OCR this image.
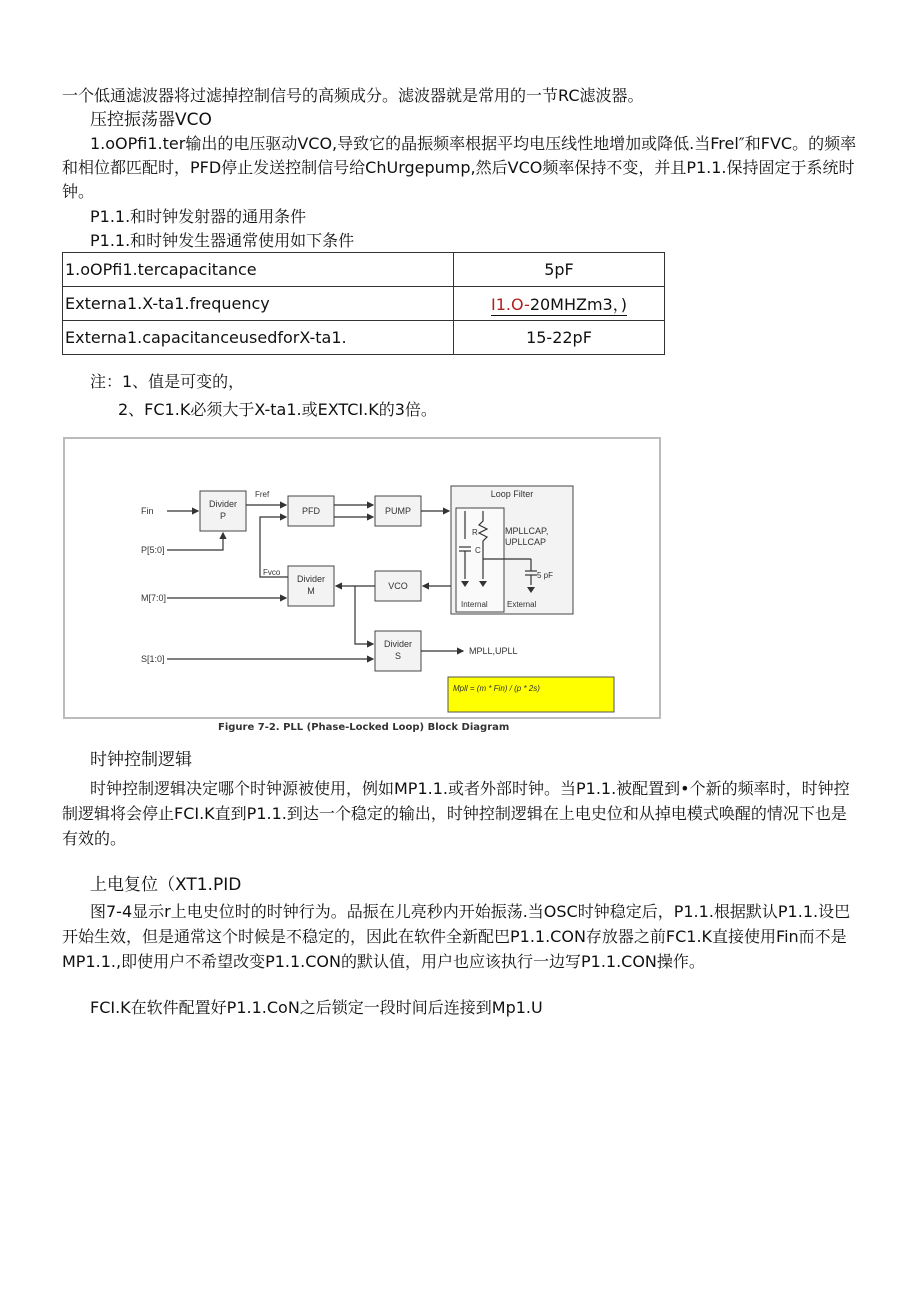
一个低通滤波器将过滤掉控制信号的高频成分。滤波器就是常用的一节RC滤波器。

压控振荡器VCO

1.oOPfi1.ter输出的电压驱动VCO,导致它的晶振频率根据平均电压线性地增加或降低.当Frel″和FVC。的频率和相位都匹配时，PFD停止发送控制信号给ChUrgepump,然后VCO频率保持不变，并且P1.1.保持固定于系统时钟。

P1.1.和时钟发射器的通用条件

P1.1.和时钟发生器通常使用如下条件

1.oOPfi1.tercapacitance	5pF
Externa1.X-ta1.frequency	I1.O-20MHZm3，)
Externa1.capacitanceusedforX-ta1.	15-22pF

注：1、值是可变的，

2、FC1.K必须大于X-ta1.或EXTCI.K的3倍。

Fin
P[5:0]
M[7:0]
S[1:0]
Divider
P	PFD	PUMP
Divider
M	VCO
Divider
S
Fref
Fvco
Loop Filter
R
C
MPLLCAP,
UPLLCAP
5 pF
Internal External
MPLL,UPLL
Mpll = (m * Fin) / (p * 2s)
Figure 7-2. PLL (Phase-Locked Loop) Block Diagram

时钟控制逻辑

时钟控制逻辑决定哪个时钟源被使用，例如MP1.1.或者外部时钟。当P1.1.被配置到•个新的频率时，时钟控制逻辑将会停止FCI.K直到P1.1.到达一个稳定的输出，时钟控制逻辑在上电史位和从掉电模式唤醒的情况下也是有效的。

上电复位（XT1.PID

图7-4显示r上电史位时的时钟行为。品振在儿亮秒内开始振荡.当OSC时钟稳定后，P1.1.根据默认P1.1.设巴开始生效，但是通常这个时候是不稳定的，因此在软件全新配巴P1.1.CON存放器之前FC1.K直接使用Fin而不是MP1.1.,即使用户不希望改变P1.1.CON的默认值，用户也应该执行一边写P1.1.CON操作。

FCI.K在软件配置好P1.1.CoN之后锁定一段时间后连接到Mp1.U
